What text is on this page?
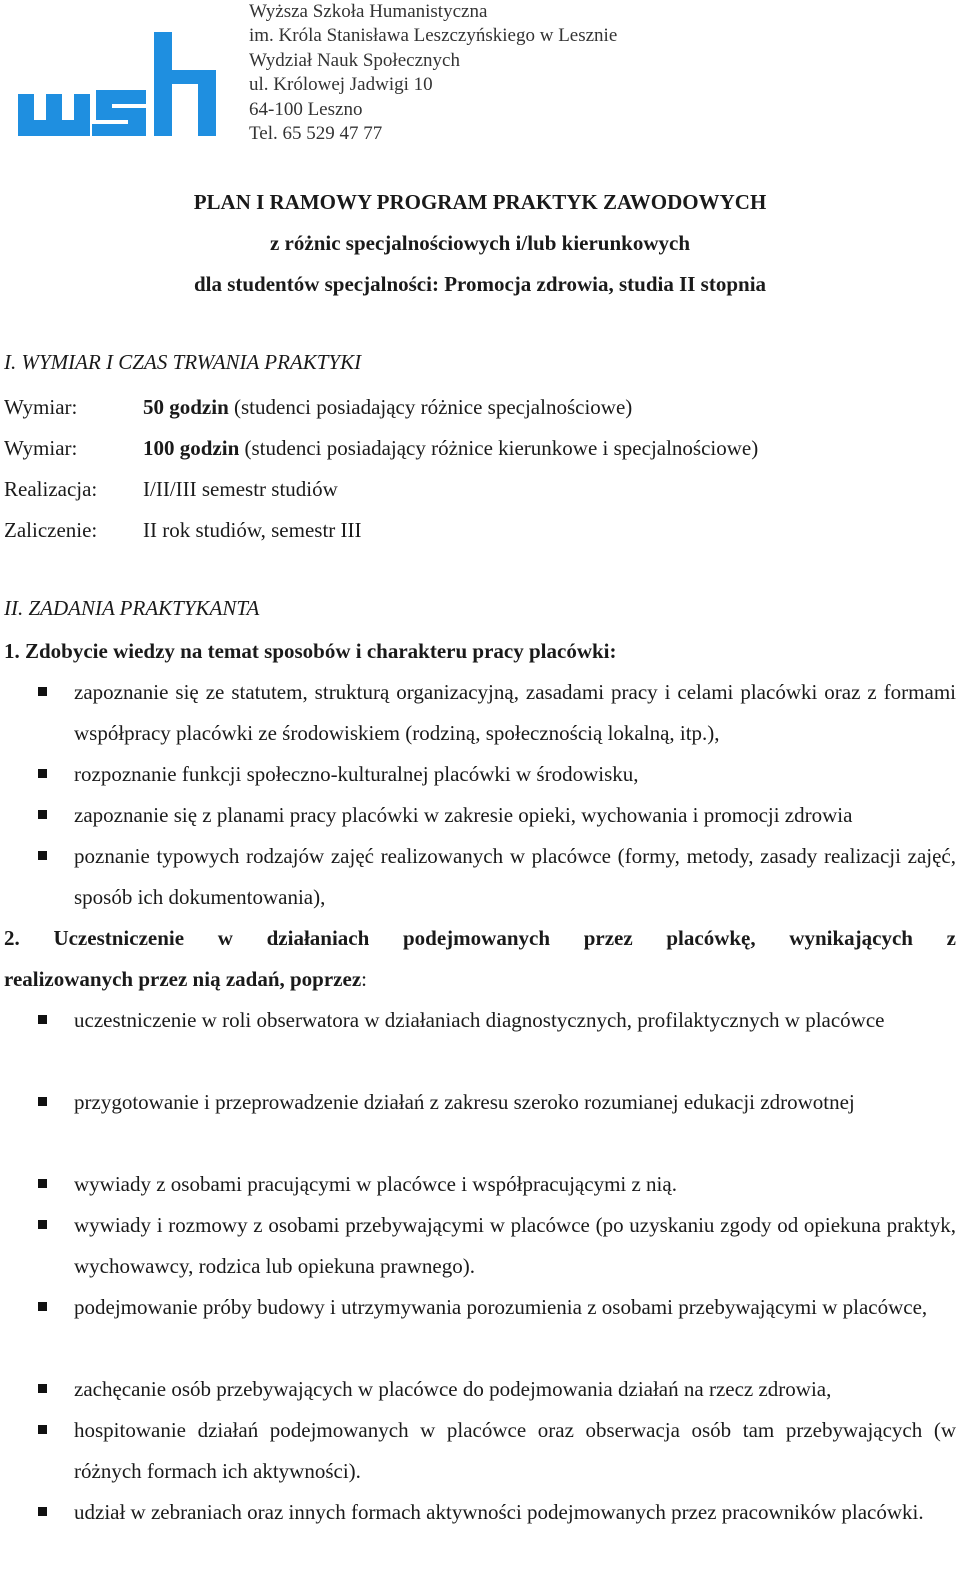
Wyższa Szkoła Humanistyczna
im. Króla Stanisława Leszczyńskiego w Lesznie
Wydział Nauk Społecznych
ul. Królowej Jadwigi 10
64-100 Leszno
Tel. 65 529 47 77
PLAN I RAMOWY PROGRAM PRAKTYK ZAWODOWYCH
z różnic specjalnościowych i/lub kierunkowych
dla studentów specjalności: Promocja zdrowia, studia II stopnia
I. WYMIAR I CZAS TRWANIA PRAKTYKI
Wymiar:	50 godzin (studenci posiadający różnice specjalnościowe)
Wymiar:	100 godzin (studenci posiadający różnice kierunkowe i specjalnościowe)
Realizacja: I/II/III semestr studiów
Zaliczenie: II rok studiów, semestr III
II. ZADANIA PRAKTYKANTA
1. Zdobycie wiedzy na temat sposobów i charakteru pracy placówki:
zapoznanie się ze statutem, strukturą organizacyjną, zasadami pracy i celami placówki oraz z formami współpracy placówki ze środowiskiem (rodziną, społecznością lokalną, itp.),
rozpoznanie funkcji społeczno-kulturalnej placówki w środowisku,
zapoznanie się z planami pracy placówki w zakresie opieki, wychowania i promocji zdrowia
poznanie typowych rodzajów zajęć realizowanych w placówce (formy, metody, zasady realizacji zajęć, sposób ich dokumentowania),
2. Uczestniczenie w działaniach podejmowanych przez placówkę, wynikających z
realizowanych przez nią zadań, poprzez:
uczestniczenie w roli obserwatora w działaniach diagnostycznych, profilaktycznych w placówce
przygotowanie i przeprowadzenie działań z zakresu szeroko rozumianej edukacji zdrowotnej
wywiady z osobami pracującymi w placówce i współpracującymi z nią.
wywiady i rozmowy z osobami przebywającymi w placówce (po uzyskaniu zgody od opiekuna praktyk, wychowawcy, rodzica lub opiekuna prawnego).
podejmowanie próby budowy i utrzymywania porozumienia z osobami przebywającymi w placówce,
zachęcanie osób przebywających w placówce do podejmowania działań na rzecz zdrowia,
hospitowanie działań podejmowanych w placówce oraz obserwacja osób tam przebywających (w różnych formach ich aktywności).
udział w zebraniach oraz innych formach aktywności podejmowanych przez pracowników placówki.
